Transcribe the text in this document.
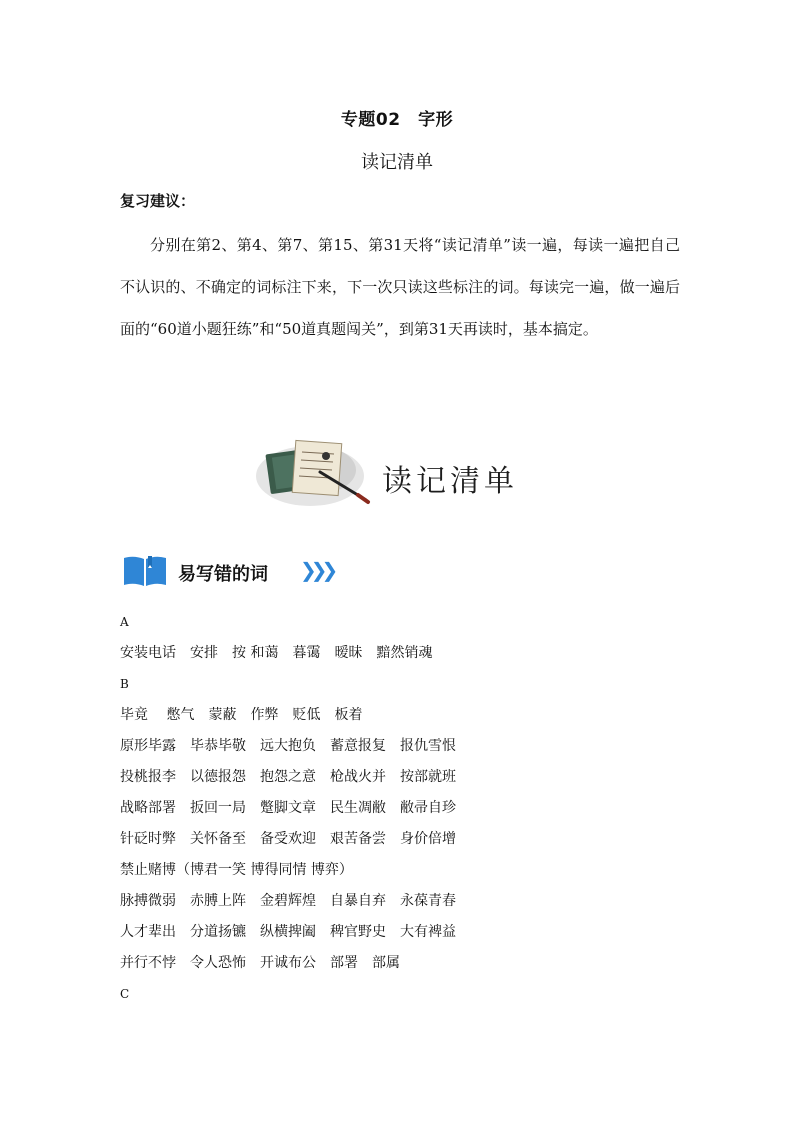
专题02　字形
读记清单
复习建议：

分别在第2、第4、第7、第15、第31天将“读记清单”读一遍，每读一遍把自己不认识的、不确定的词标注下来，下一次只读这些标注的词。每读完一遍，做一遍后面的“60道小题狂练”和“50道真题闯关”，到第31天再读时，基本搞定。

读记清单
易写错的词 ❯❯❯
A
安装电话　安排　按 和蔼　暮霭　暧昧　黯然销魂
B
毕竟　 憋气　蒙蔽　作弊　贬低　板着
原形毕露　毕恭毕敬　远大抱负　蓄意报复　报仇雪恨
投桃报李　以德报怨　抱怨之意　枪战火并　按部就班
战略部署　扳回一局　蹩脚文章　民生凋敝　敝帚自珍
针砭时弊　关怀备至　备受欢迎　艰苦备尝　身价倍增
禁止赌博（博君一笑 博得同情 博弈）
脉搏微弱　赤膊上阵　金碧辉煌　自暴自弃　永葆青春
人才辈出　分道扬镳　纵横捭阖　稗官野史　大有裨益
并行不悖　令人恐怖　开诚布公　部署　部属
C
